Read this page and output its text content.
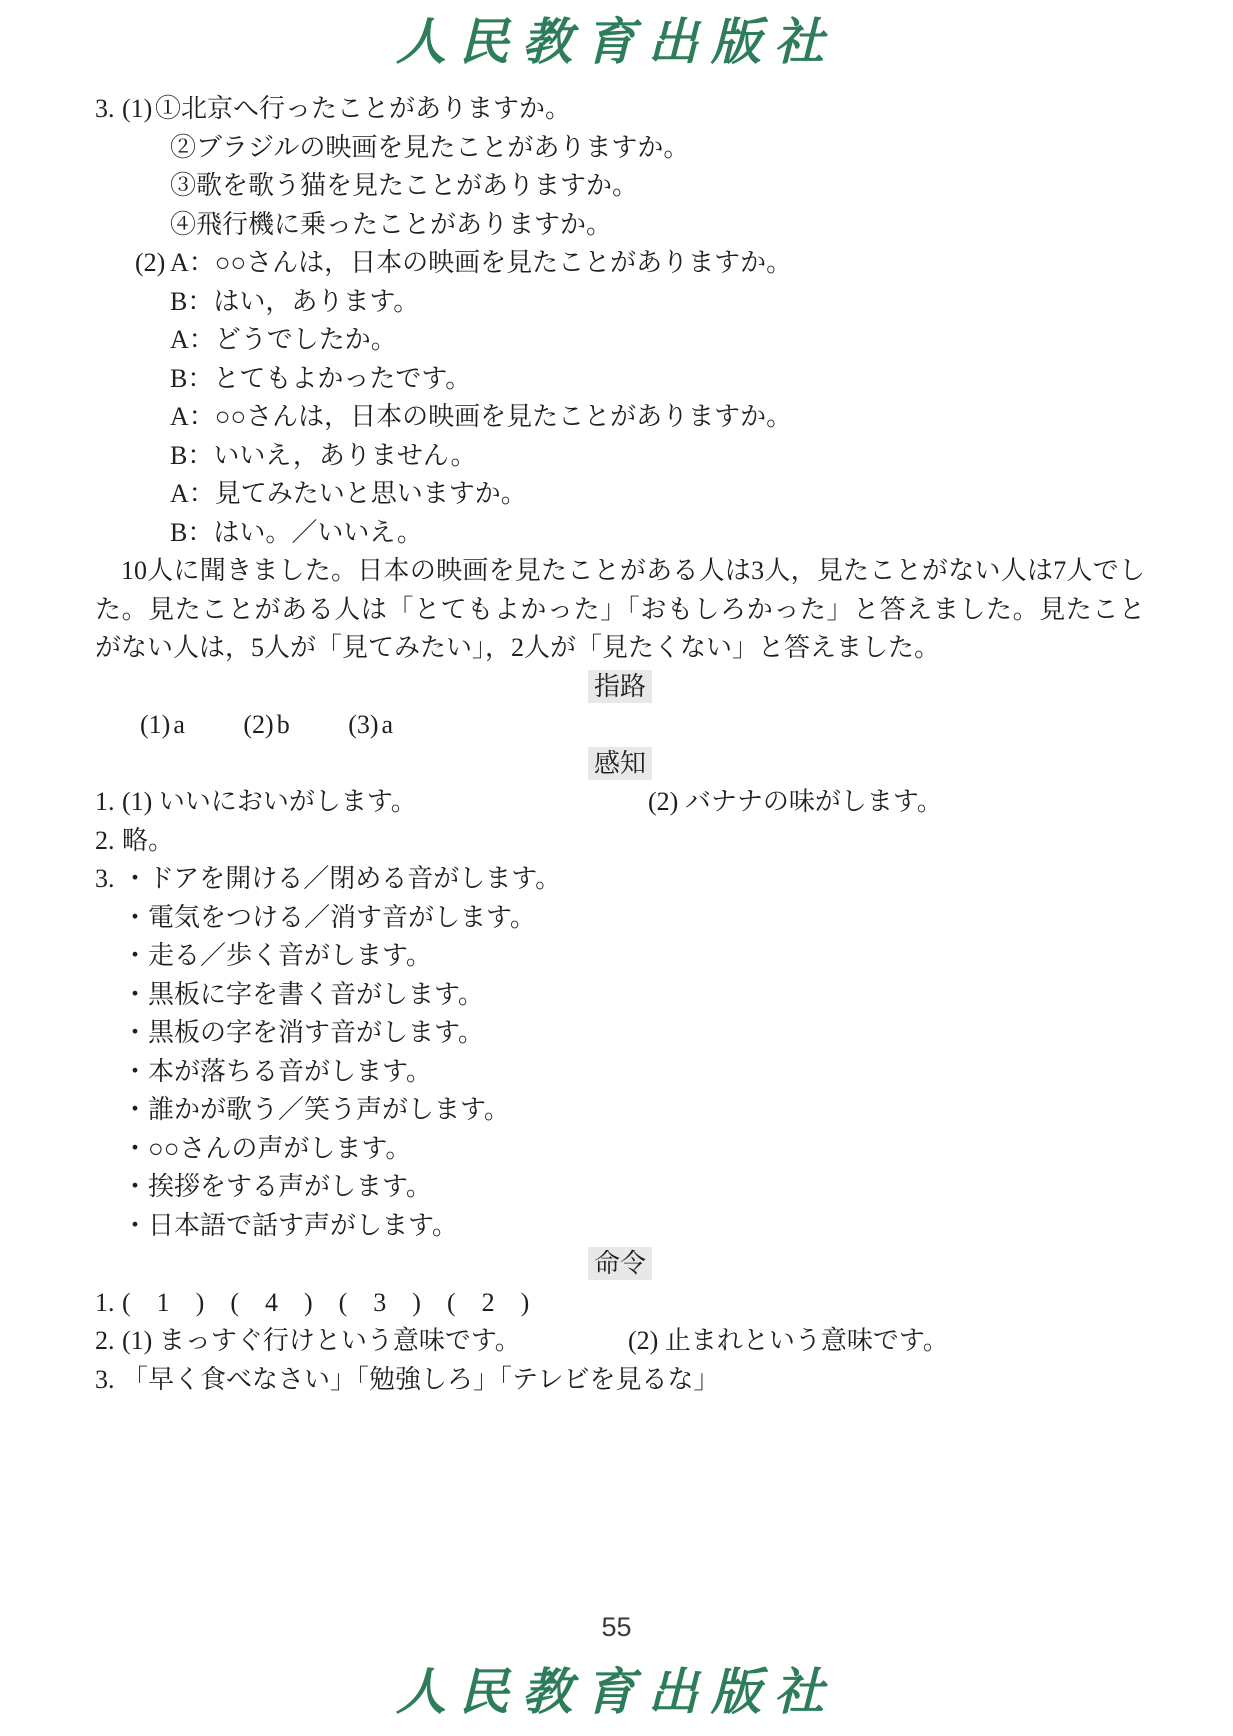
人民教育出版社
3. (1) ①北京へ行ったことがありますか。
②ブラジルの映画を見たことがありますか。
③歌を歌う猫を見たことがありますか。
④飛行機に乗ったことがありますか。
(2) A：○○さんは，日本の映画を見たことがありますか。
B：はい，あります。
A：どうでしたか。
B：とてもよかったです。
A：○○さんは，日本の映画を見たことがありますか。
B：いいえ，ありません。
A：見てみたいと思いますか。
B：はい。／いいえ。
10人に聞きました。日本の映画を見たことがある人は3人，見たことがない人は7人でした。見たことがある人は「とてもよかった」「おもしろかった」と答えました。見たことがない人は，5人が「見てみたい」，2人が「見たくない」と答えました。
指路
(1) a (2) b (3) a
感知
1. (1) いいにおいがします。	(2) バナナの味がします。
2. 略。
3. ・ドアを開ける／閉める音がします。
・電気をつける／消す音がします。
・走る／歩く音がします。
・黒板に字を書く音がします。
・黒板の字を消す音がします。
・本が落ちる音がします。
・誰かが歌う／笑う声がします。
・○○さんの声がします。
・挨拶をする声がします。
・日本語で話す声がします。
命令
1. (　1　)　(　4　)　(　3　)　(　2　)
2. (1) まっすぐ行けという意味です。	(2) 止まれという意味です。
3. 「早く食べなさい」「勉強しろ」「テレビを見るな」
55
人民教育出版社
